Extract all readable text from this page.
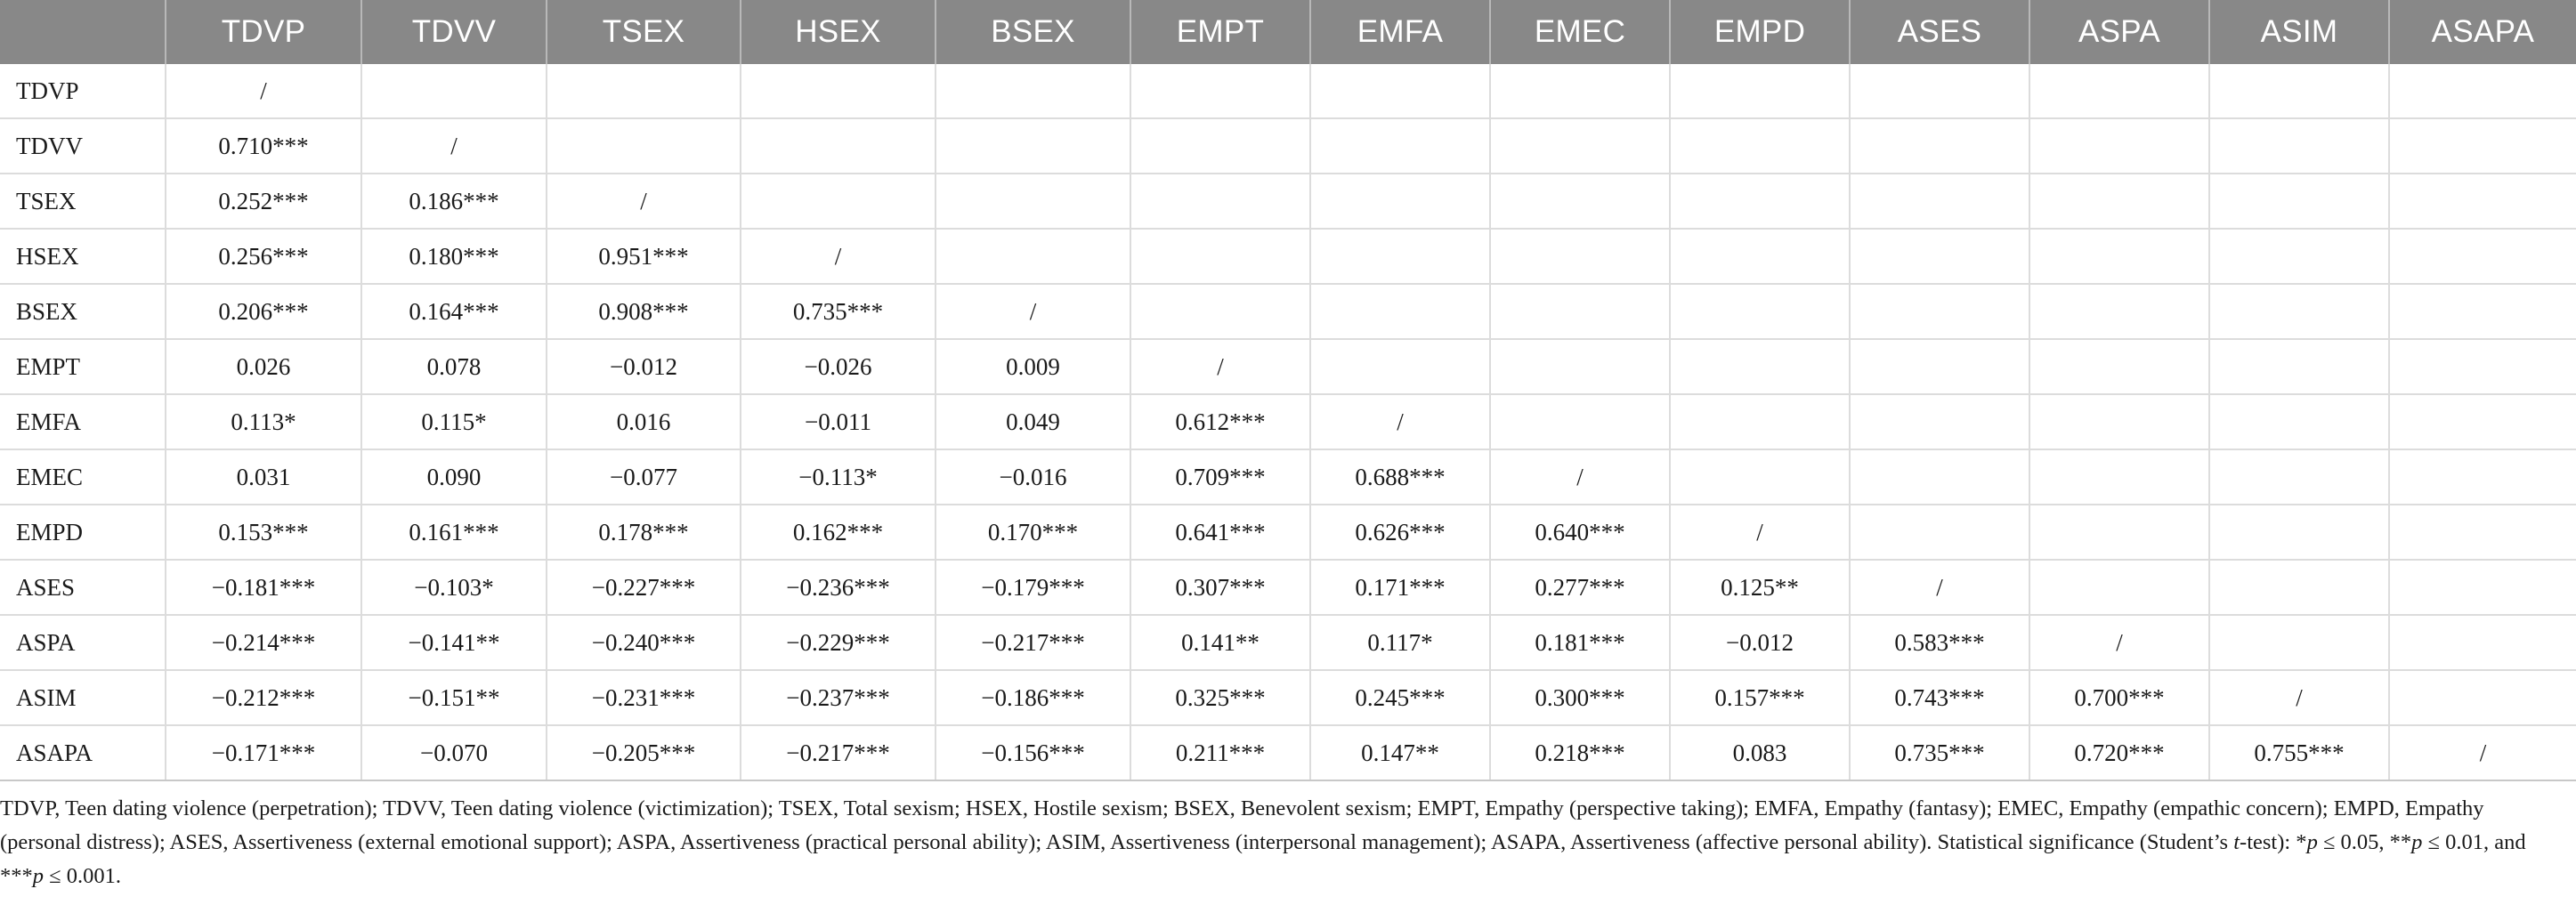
	TDVP	TDVV	TSEX	HSEX	BSEX	EMPT	EMFA	EMEC	EMPD	ASES	ASPA	ASIM	ASAPA
TDVP	/												
TDVV	0.710***	/											
TSEX	0.252***	0.186***	/										
HSEX	0.256***	0.180***	0.951***	/									
BSEX	0.206***	0.164***	0.908***	0.735***	/								
EMPT	0.026	0.078	−0.012	−0.026	0.009	/							
EMFA	0.113*	0.115*	0.016	−0.011	0.049	0.612***	/						
EMEC	0.031	0.090	−0.077	−0.113*	−0.016	0.709***	0.688***	/					
EMPD	0.153***	0.161***	0.178***	0.162***	0.170***	0.641***	0.626***	0.640***	/				
ASES	−0.181***	−0.103*	−0.227***	−0.236***	−0.179***	0.307***	0.171***	0.277***	0.125**	/			
ASPA	−0.214***	−0.141**	−0.240***	−0.229***	−0.217***	0.141**	0.117*	0.181***	−0.012	0.583***	/		
ASIM	−0.212***	−0.151**	−0.231***	−0.237***	−0.186***	0.325***	0.245***	0.300***	0.157***	0.743***	0.700***	/	
ASAPA	−0.171***	−0.070	−0.205***	−0.217***	−0.156***	0.211***	0.147**	0.218***	0.083	0.735***	0.720***	0.755***	/
TDVP, Teen dating violence (perpetration); TDVV, Teen dating violence (victimization); TSEX, Total sexism; HSEX, Hostile sexism; BSEX, Benevolent sexism; EMPT, Empathy (perspective taking); EMFA, Empathy (fantasy); EMEC, Empathy (empathic concern); EMPD, Empathy (personal distress); ASES, Assertiveness (external emotional support); ASPA, Assertiveness (practical personal ability); ASIM, Assertiveness (interpersonal management); ASAPA, Assertiveness (affective personal ability). Statistical significance (Student’s t-test): *p ≤ 0.05, **p ≤ 0.01, and ***p ≤ 0.001.
